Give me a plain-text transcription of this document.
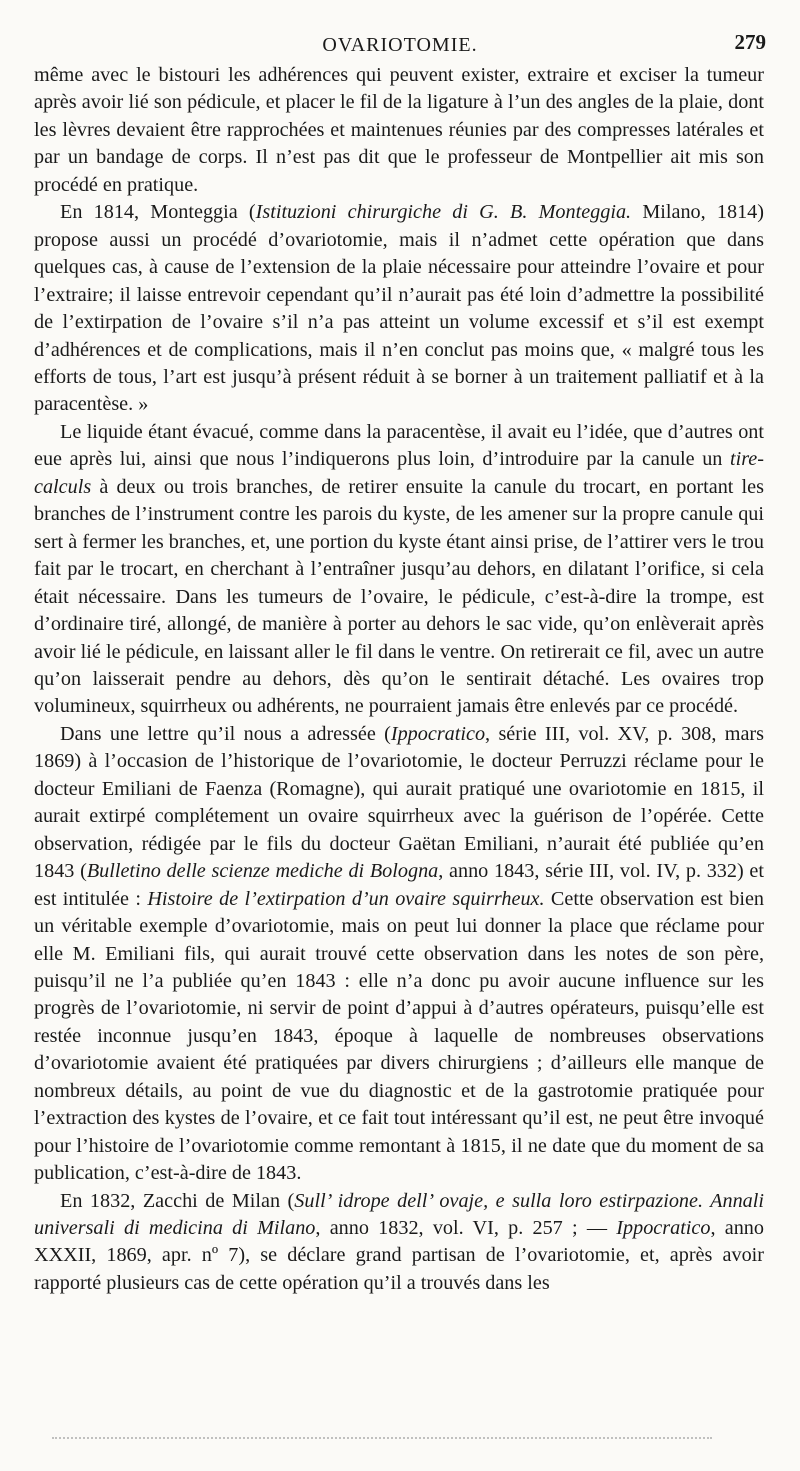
OVARIOTOMIE.	279

même avec le bistouri les adhérences qui peuvent exister, extraire et exciser la tumeur après avoir lié son pédicule, et placer le fil de la ligature à l’un des angles de la plaie, dont les lèvres devaient être rapprochées et maintenues réunies par des compresses latérales et par un bandage de corps. Il n’est pas dit que le professeur de Montpellier ait mis son procédé en pratique.

En 1814, Monteggia (Istituzioni chirurgiche di G. B. Monteggia. Milano, 1814) propose aussi un procédé d’ovariotomie, mais il n’admet cette opération que dans quelques cas, à cause de l’extension de la plaie nécessaire pour atteindre l’ovaire et pour l’extraire; il laisse entrevoir cependant qu’il n’aurait pas été loin d’admettre la possibilité de l’extirpation de l’ovaire s’il n’a pas atteint un volume excessif et s’il est exempt d’adhérences et de complications, mais il n’en conclut pas moins que, « malgré tous les efforts de tous, l’art est jusqu’à présent réduit à se borner à un traitement palliatif et à la paracentèse. »

Le liquide étant évacué, comme dans la paracentèse, il avait eu l’idée, que d’autres ont eue après lui, ainsi que nous l’indiquerons plus loin, d’introduire par la canule un tire-calculs à deux ou trois branches, de retirer ensuite la canule du trocart, en portant les branches de l’instrument contre les parois du kyste, de les amener sur la propre canule qui sert à fermer les branches, et, une portion du kyste étant ainsi prise, de l’attirer vers le trou fait par le trocart, en cherchant à l’entraîner jusqu’au dehors, en dilatant l’orifice, si cela était nécessaire. Dans les tumeurs de l’ovaire, le pédicule, c’est-à-dire la trompe, est d’ordinaire tiré, allongé, de manière à porter au dehors le sac vide, qu’on enlèverait après avoir lié le pédicule, en laissant aller le fil dans le ventre. On retirerait ce fil, avec un autre qu’on laisserait pendre au dehors, dès qu’on le sentirait détaché. Les ovaires trop volumineux, squirrheux ou adhérents, ne pourraient jamais être enlevés par ce procédé.

Dans une lettre qu’il nous a adressée (Ippocratico, série III, vol. XV, p. 308, mars 1869) à l’occasion de l’historique de l’ovariotomie, le docteur Perruzzi réclame pour le docteur Emiliani de Faenza (Romagne), qui aurait pratiqué une ovariotomie en 1815, il aurait extirpé complétement un ovaire squirrheux avec la guérison de l’opérée. Cette observation, rédigée par le fils du docteur Gaëtan Emiliani, n’aurait été publiée qu’en 1843 (Bulletino delle scienze mediche di Bologna, anno 1843, série III, vol. IV, p. 332) et est intitulée : Histoire de l’extirpation d’un ovaire squirrheux. Cette observation est bien un véritable exemple d’ovariotomie, mais on peut lui donner la place que réclame pour elle M. Emiliani fils, qui aurait trouvé cette observation dans les notes de son père, puisqu’il ne l’a publiée qu’en 1843 : elle n’a donc pu avoir aucune influence sur les progrès de l’ovariotomie, ni servir de point d’appui à d’autres opérateurs, puisqu’elle est restée inconnue jusqu’en 1843, époque à laquelle de nombreuses observations d’ovariotomie avaient été pratiquées par divers chirurgiens ; d’ailleurs elle manque de nombreux détails, au point de vue du diagnostic et de la gastrotomie pratiquée pour l’extraction des kystes de l’ovaire, et ce fait tout intéressant qu’il est, ne peut être invoqué pour l’histoire de l’ovariotomie comme remontant à 1815, il ne date que du moment de sa publication, c’est-à-dire de 1843.

En 1832, Zacchi de Milan (Sull’ idrope dell’ ovaje, e sulla loro estirpazione. Annali universali di medicina di Milano, anno 1832, vol. VI, p. 257 ; — Ippocratico, anno XXXII, 1869, apr. nº 7), se déclare grand partisan de l’ovariotomie, et, après avoir rapporté plusieurs cas de cette opération qu’il a trouvés dans les
